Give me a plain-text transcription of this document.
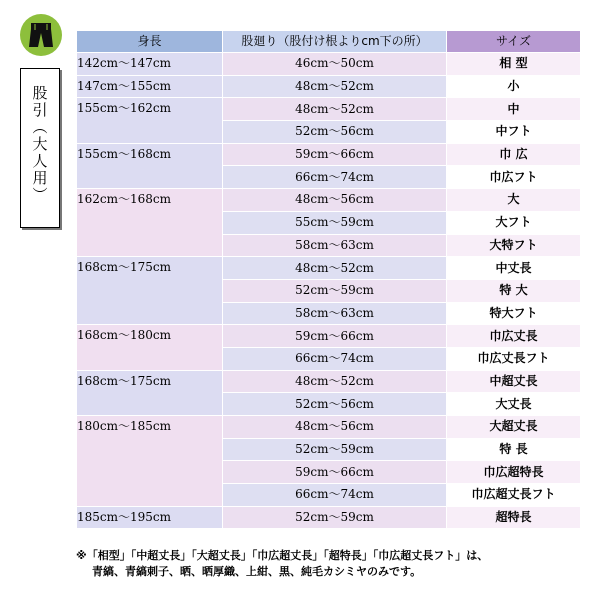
股引（大人用）
身長	股廻り（股付け根よりcm下の所）	サイズ
142cm～147cm	46cm～50cm	相 型
147cm～155cm	48cm～52cm	小
155cm～162cm	48cm～52cm	中
	52cm～56cm	中フト
155cm～168cm	59cm～66cm	巾 広
	66cm～74cm	巾広フト
162cm～168cm	48cm～56cm	大
	55cm～59cm	大フト
	58cm～63cm	大特フト
168cm～175cm	48cm～52cm	中丈長
	52cm～59cm	特 大
	58cm～63cm	特大フト
168cm～180cm	59cm～66cm	巾広丈長
	66cm～74cm	巾広丈長フト
168cm～175cm	48cm～52cm	中超丈長
	52cm～56cm	大丈長
180cm～185cm	48cm～56cm	大超丈長
	52cm～59cm	特 長
	59cm～66cm	巾広超特長
	66cm～74cm	巾広超丈長フト
185cm～195cm	52cm～59cm	超特長
※「相型」「中超丈長」「大超丈長」「巾広超丈長」「超特長」「巾広超丈長フト」は、
青縞、青縞刺子、晒、晒厚織、上紺、黒、純毛カシミヤのみです。
